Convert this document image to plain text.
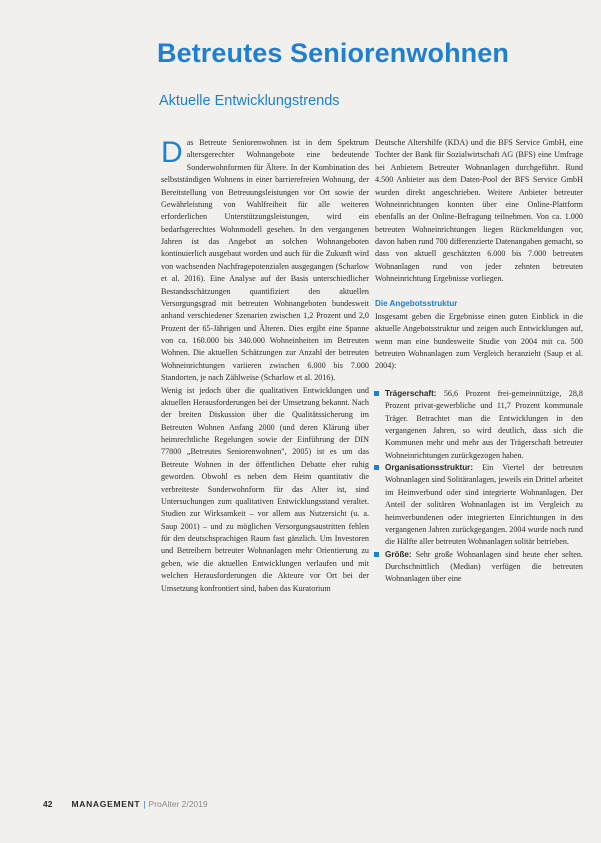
Betreutes Seniorenwohnen
Aktuelle Entwicklungstrends

Das Betreute Seniorenwohnen ist in dem Spektrum altersgerechter Wohnangebote eine bedeutende Sonderwohnformen für Ältere. In der Kombination des selbstständigen Wohnens in einer barrierefreien Wohnung, der Bereitstellung von Betreuungsleistungen vor Ort sowie der Gewährleistung von Wahlfreiheit für alle weiteren erforderlichen Unterstützungsleistungen, wird ein bedarfsgerechtes Wohnmodell gesehen. In den vergangenen Jahren ist das Angebot an solchen Wohnangeboten kontinuierlich ausgebaut worden und auch für die Zukunft wird von wachsenden Nachfragepotenzialen ausgegangen (Scharlow et al. 2016). Eine Analyse auf der Basis unterschiedlicher Bestandsschätzungen quantifiziert den aktuellen Versorgungsgrad mit betreuten Wohnangeboten bundesweit anhand verschiedener Szenarien zwischen 1,2 Prozent und 2,0 Prozent der 65-Jährigen und Älteren. Dies ergibt eine Spanne von ca. 160.000 bis 340.000 Wohneinheiten im Betreuten Wohnen. Die aktuellen Schätzungen zur Anzahl der betreuten Wohneinrichtungen variieren zwischen 6.000 bis 7.000 Standorten, je nach Zählweise (Scharlow et al. 2016).

Wenig ist jedoch über die qualitativen Entwicklungen und aktuellen Herausforderungen bei der Umsetzung bekannt. Nach der breiten Diskussion über die Qualitätssicherung im Betreuten Wohnen Anfang 2000 (und deren Klärung über heimrechtliche Regelungen sowie der Einführung der DIN 77800 „Betreutes Seniorenwohnen", 2005) ist es um das Betreute Wohnen in der öffentlichen Debatte eher ruhig geworden. Obwohl es neben dem Heim quantitativ die verbreiteste Sonderwohnform für das Alter ist, sind Untersuchungen zum qualitativen Entwicklungsstand veraltet. Studien zur Wirksamkeit – vor allem aus Nutzersicht (u. a. Saup 2001) – und zu möglichen Versorgungsaustritten fehlen für den deutschsprachigen Raum fast gänzlich. Um Investoren und Betreibern betreuter Wohnanlagen mehr Orientierung zu geben, wie die aktuellen Entwicklungen verlaufen und mit welchen Herausforderungen die Akteure vor Ort bei der Umsetzung konfrontiert sind, haben das Kuratorium

Deutsche Altershilfe (KDA) und die BFS Service GmbH, eine Tochter der Bank für Sozialwirtschaft AG (BFS) eine Umfrage bei Anbietern Betreuter Wohnanlagen durchgeführt. Rund 4.500 Anbieter aus dem Daten-Pool der BFS Service GmbH wurden direkt angeschrieben. Weitere Anbieter betreuter Wohneinrichtungen konnten über eine Online-Plattform ebenfalls an der Online-Befragung teilnehmen. Von ca. 1.000 betreuten Wohneinrichtungen liegen Rückmeldungen vor, davon haben rund 700 differenzierte Datenangaben gemacht, so dass von aktuell geschätzten 6.000 bis 7.000 betreuten Wohnanlagen rund von jeder zehnten betreuten Wohneinrichtung Ergebnisse vorliegen.

Die Angebotsstruktur

Insgesamt geben die Ergebnisse einen guten Einblick in die aktuelle Angebotsstruktur und zeigen auch Entwicklungen auf, wenn man eine bundesweite Studie von 2004 mit ca. 500 betreuten Wohnanlagen zum Vergleich heranzieht (Saup et al. 2004):

Trägerschaft: 56,6 Prozent frei-gemeinnützige, 28,8 Prozent privat-gewerbliche und 11,7 Prozent kommunale Träger. Betrachtet man die Entwicklungen in den vergangenen Jahren, so wird deutlich, dass sich die Kommunen mehr und mehr aus der Trägerschaft betreuter Wohneinrichtungen zurückgezogen haben.

Organisationsstruktur: Ein Viertel der betreuten Wohnanlagen sind Solitäranlagen, jeweils ein Drittel arbeitet im Heimverbund oder sind integrierte Wohnanlagen. Der Anteil der solitären Wohnanlagen ist im Vergleich zu heimverbundenen oder integrierten Einrichtungen in den vergangenen Jahren zurückgegangen. 2004 wurde noch rund die Hälfte aller betreuten Wohnanlagen solitär betrieben.

Größe: Sehr große Wohnanlagen sind heute eher selten. Durchschnittlich (Median) verfügen die betreuten Wohnanlagen über eine

42 MANAGEMENT | ProAlter 2/2019
